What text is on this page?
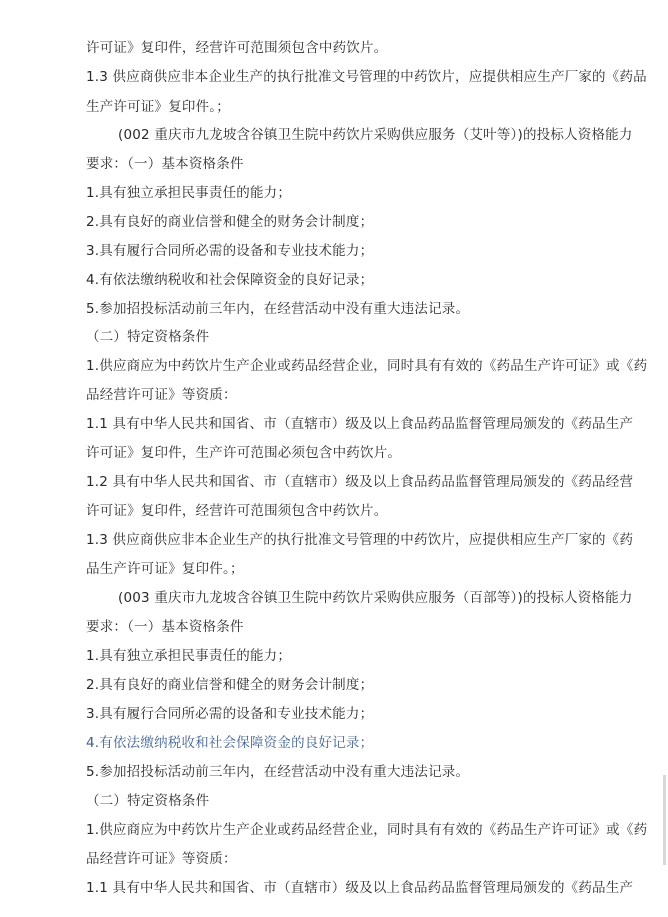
许可证》复印件，经营许可范围须包含中药饮片。
1.3 供应商供应非本企业生产的执行批准文号管理的中药饮片，应提供相应生产厂家的《药品
生产许可证》复印件。；
(002 重庆市九龙坡含谷镇卫生院中药饮片采购供应服务（艾叶等）)的投标人资格能力
要求：（一）基本资格条件
1.具有独立承担民事责任的能力；
2.具有良好的商业信誉和健全的财务会计制度；
3.具有履行合同所必需的设备和专业技术能力；
4.有依法缴纳税收和社会保障资金的良好记录；
5.参加招投标活动前三年内，在经营活动中没有重大违法记录。
（二）特定资格条件
1.供应商应为中药饮片生产企业或药品经营企业，同时具有有效的《药品生产许可证》或《药
品经营许可证》等资质：
1.1 具有中华人民共和国省、市（直辖市）级及以上食品药品监督管理局颁发的《药品生产
许可证》复印件，生产许可范围必须包含中药饮片。
1.2 具有中华人民共和国省、市（直辖市）级及以上食品药品监督管理局颁发的《药品经营
许可证》复印件，经营许可范围须包含中药饮片。
1.3 供应商供应非本企业生产的执行批准文号管理的中药饮片，应提供相应生产厂家的《药
品生产许可证》复印件。；
(003 重庆市九龙坡含谷镇卫生院中药饮片采购供应服务（百部等）)的投标人资格能力
要求：（一）基本资格条件
1.具有独立承担民事责任的能力；
2.具有良好的商业信誉和健全的财务会计制度；
3.具有履行合同所必需的设备和专业技术能力；
4.有依法缴纳税收和社会保障资金的良好记录；
5.参加招投标活动前三年内，在经营活动中没有重大违法记录。
（二）特定资格条件
1.供应商应为中药饮片生产企业或药品经营企业，同时具有有效的《药品生产许可证》或《药
品经营许可证》等资质：
1.1 具有中华人民共和国省、市（直辖市）级及以上食品药品监督管理局颁发的《药品生产
